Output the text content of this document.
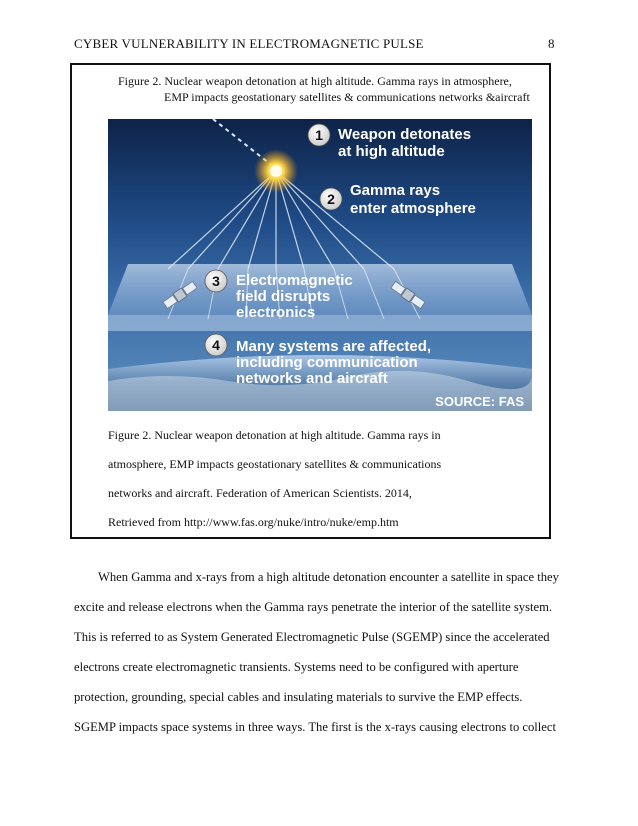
CYBER VULNERABILITY IN ELECTROMAGNETIC PULSE	8
Figure 2. Nuclear weapon detonation at high altitude. Gamma rays in atmosphere,
EMP impacts geostationary satellites & communications networks &aircraft
1 Weapon detonates
at high altitude
2 Gamma rays
enter atmosphere
3 Electromagnetic
field disrupts
electronics
4 Many systems are affected,
including communication
networks and aircraft
SOURCE: FAS
Figure 2. Nuclear weapon detonation at high altitude. Gamma rays in
atmosphere, EMP impacts geostationary satellites & communications
networks and aircraft. Federation of American Scientists. 2014,
Retrieved from http://www.fas.org/nuke/intro/nuke/emp.htm
When Gamma and x-rays from a high altitude detonation encounter a satellite in space they
excite and release electrons when the Gamma rays penetrate the interior of the satellite system.
This is referred to as System Generated Electromagnetic Pulse (SGEMP) since the accelerated
electrons create electromagnetic transients. Systems need to be configured with aperture
protection, grounding, special cables and insulating materials to survive the EMP effects.
SGEMP impacts space systems in three ways. The first is the x-rays causing electrons to collect
